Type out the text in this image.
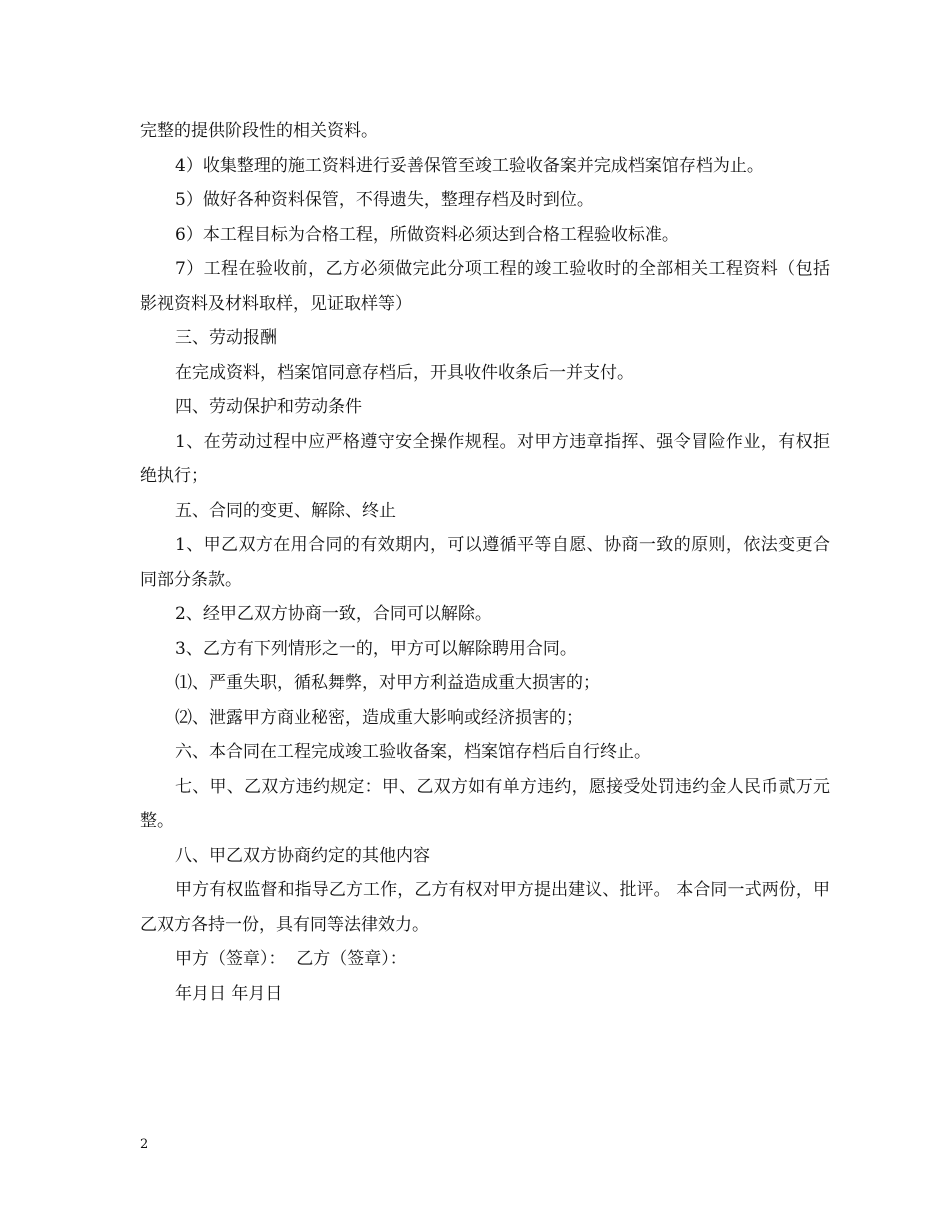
完整的提供阶段性的相关资料。

4）收集整理的施工资料进行妥善保管至竣工验收备案并完成档案馆存档为止。

5）做好各种资料保管，不得遗失，整理存档及时到位。

6）本工程目标为合格工程，所做资料必须达到合格工程验收标准。

7）工程在验收前，乙方必须做完此分项工程的竣工验收时的全部相关工程资料（包括影视资料及材料取样，见证取样等）

三、劳动报酬

在完成资料，档案馆同意存档后，开具收件收条后一并支付。

四、劳动保护和劳动条件

1、在劳动过程中应严格遵守安全操作规程。对甲方违章指挥、强令冒险作业，有权拒绝执行；

五、合同的变更、解除、终止

1、甲乙双方在用合同的有效期内，可以遵循平等自愿、协商一致的原则，依法变更合同部分条款。

2、经甲乙双方协商一致，合同可以解除。

3、乙方有下列情形之一的，甲方可以解除聘用合同。

⑴、严重失职，循私舞弊，对甲方利益造成重大损害的；

⑵、泄露甲方商业秘密，造成重大影响或经济损害的；

六、本合同在工程完成竣工验收备案，档案馆存档后自行终止。

七、甲、乙双方违约规定：甲、乙双方如有单方违约，愿接受处罚违约金人民币贰万元整。

八、甲乙双方协商约定的其他内容

甲方有权监督和指导乙方工作，乙方有权对甲方提出建议、批评。 本合同一式两份，甲乙双方各持一份，具有同等法律效力。

甲方（签章）：  乙方（签章）：

年月日 年月日

2
